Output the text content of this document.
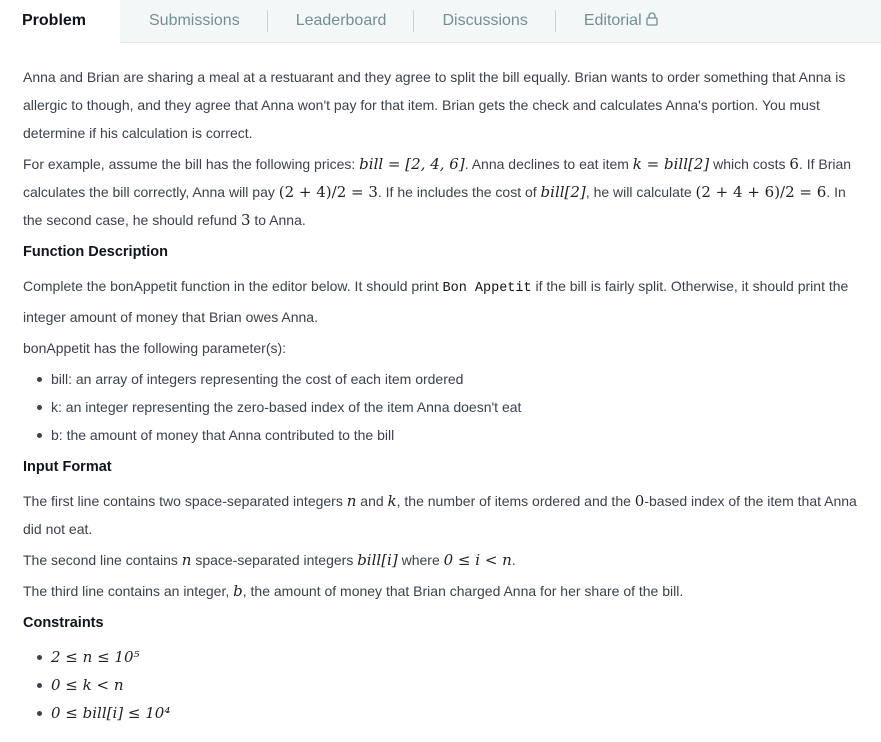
Problem	Submissions	Leaderboard	Discussions	Editorial

Anna and Brian are sharing a meal at a restuarant and they agree to split the bill equally. Brian wants to order something that Anna is allergic to though, and they agree that Anna won't pay for that item. Brian gets the check and calculates Anna's portion. You must determine if his calculation is correct.

For example, assume the bill has the following prices: bill = [2, 4, 6]. Anna declines to eat item k = bill[2] which costs 6. If Brian calculates the bill correctly, Anna will pay (2 + 4)/2 = 3. If he includes the cost of bill[2], he will calculate (2 + 4 + 6)/2 = 6. In the second case, he should refund 3 to Anna.

Function Description

Complete the bonAppetit function in the editor below. It should print Bon Appetit if the bill is fairly split. Otherwise, it should print the integer amount of money that Brian owes Anna.

bonAppetit has the following parameter(s):

bill: an array of integers representing the cost of each item ordered
k: an integer representing the zero-based index of the item Anna doesn't eat
b: the amount of money that Anna contributed to the bill
Input Format

The first line contains two space-separated integers n and k, the number of items ordered and the 0-based index of the item that Anna did not eat.

The second line contains n space-separated integers bill[i] where 0 ≤ i < n.

The third line contains an integer, b, the amount of money that Brian charged Anna for her share of the bill.

Constraints
2 ≤ n ≤ 10⁵
0 ≤ k < n
0 ≤ bill[i] ≤ 10⁴
